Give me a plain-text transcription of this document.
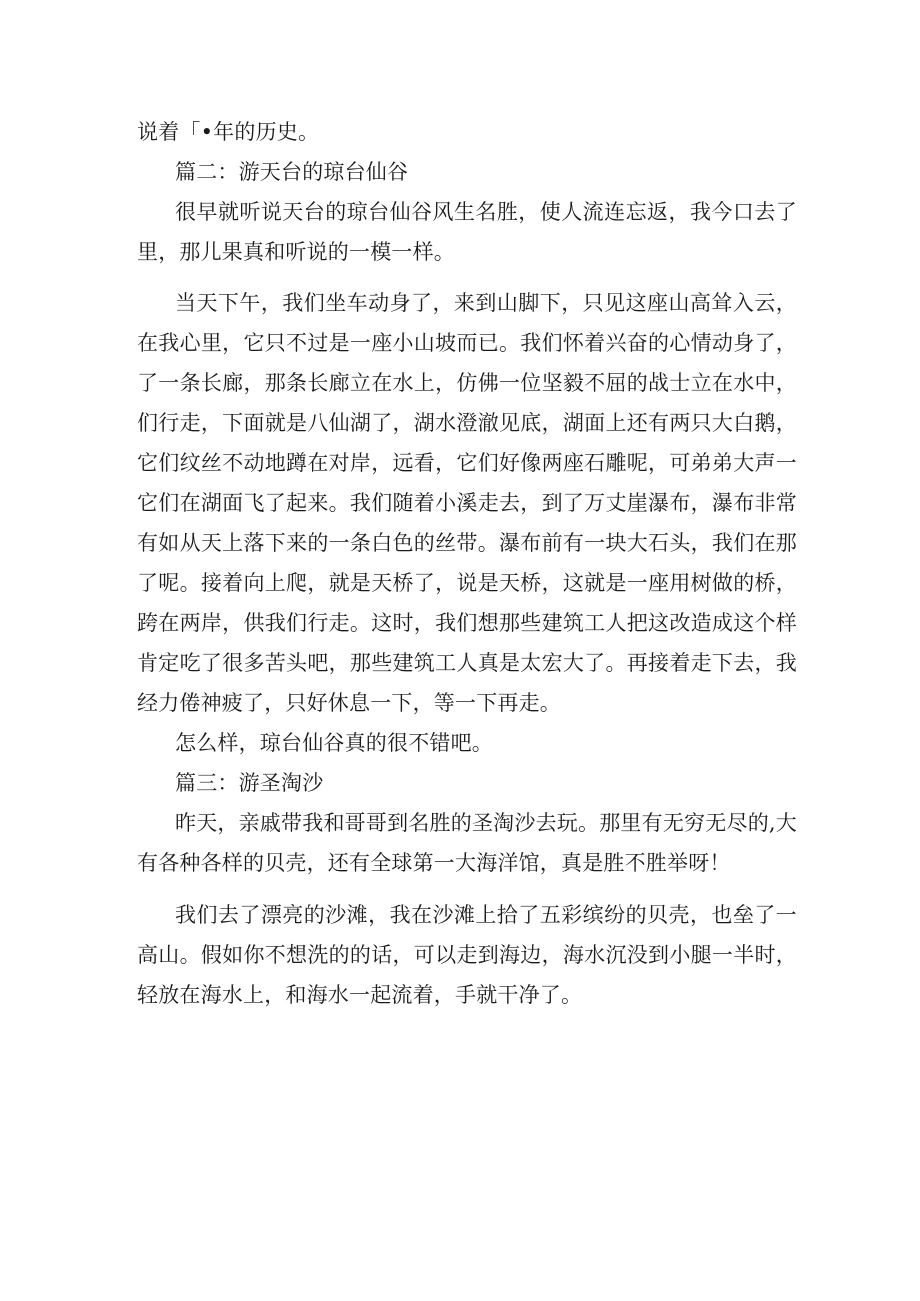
说着「•年的历史。
篇二：游天台的琼台仙谷
很早就听说天台的琼台仙谷风生名胜，使人流连忘返，我今口去了
里，那儿果真和听说的一模一样。
当天下午，我们坐车动身了，来到山脚下，只见这座山高耸入云，
在我心里，它只不过是一座小山坡而已。我们怀着兴奋的心情动身了，
了一条长廊，那条长廊立在水上，仿佛一位坚毅不屈的战士立在水中，
们行走，下面就是八仙湖了，湖水澄澈见底，湖面上还有两只大白鹅，
它们纹丝不动地蹲在对岸，远看，它们好像两座石雕呢，可弟弟大声一
它们在湖面飞了起来。我们随着小溪走去，到了万丈崖瀑布，瀑布非常
有如从天上落下来的一条白色的丝带。瀑布前有一块大石头，我们在那
了呢。接着向上爬，就是天桥了，说是天桥，这就是一座用树做的桥，
跨在两岸，供我们行走。这时，我们想那些建筑工人把这改造成这个样
肯定吃了很多苦头吧，那些建筑工人真是太宏大了。再接着走下去，我
经力倦神疲了，只好休息一下，等一下再走。
怎么样，琼台仙谷真的很不错吧。
篇三：游圣淘沙
昨天，亲戚带我和哥哥到名胜的圣淘沙去玩。那里有无穷无尽的,大
有各种各样的贝壳，还有全球第一大海洋馆，真是胜不胜举呀！
我们去了漂亮的沙滩，我在沙滩上拾了五彩缤纷的贝壳，也垒了一
高山。假如你不想洗的的话，可以走到海边，海水沉没到小腿一半时，
轻放在海水上，和海水一起流着，手就干净了。
